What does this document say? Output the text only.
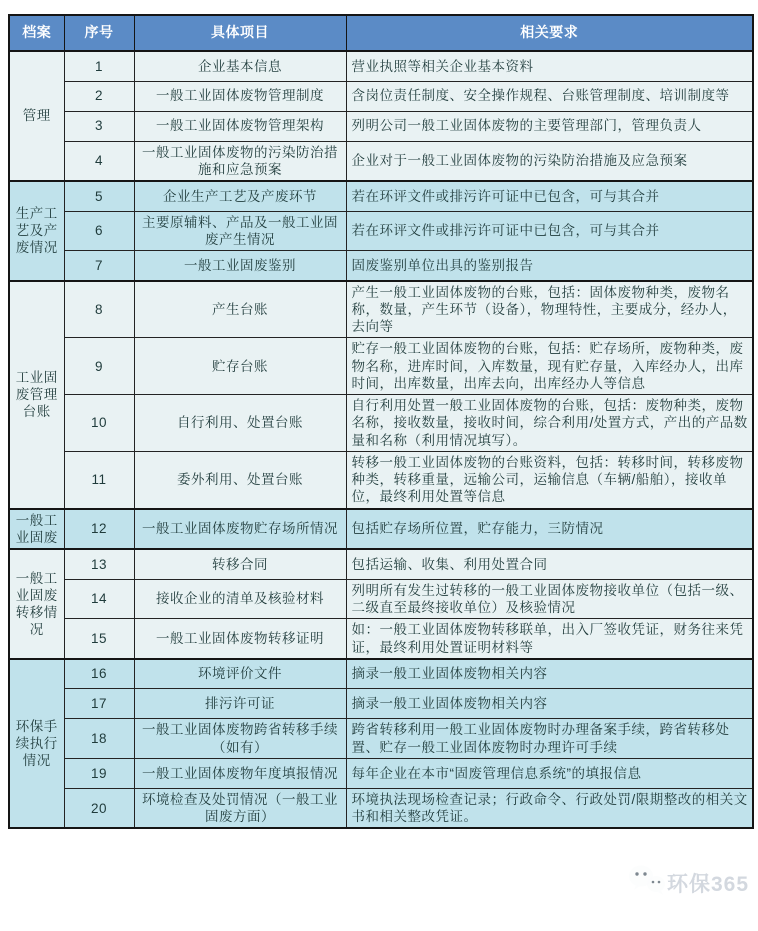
档案	序号	具体项目	相关要求
管理	1	企业基本信息	营业执照等相关企业基本资料
	2	一般工业固体废物管理制度	含岗位责任制度、安全操作规程、台账管理制度、培训制度等
	3	一般工业固体废物管理架构	列明公司一般工业固体废物的主要管理部门，管理负责人
	4	一般工业固体废物的污染防治措施和应急预案	企业对于一般工业固体废物的污染防治措施及应急预案
生产工艺及产废情况	5	企业生产工艺及产废环节	若在环评文件或排污许可证中已包含，可与其合并
	6	主要原辅料、产品及一般工业固废产生情况	若在环评文件或排污许可证中已包含，可与其合并
	7	一般工业固废鉴别	固废鉴别单位出具的鉴别报告
工业固废管理台账	8	产生台账	产生一般工业固体废物的台账，包括：固体废物种类，废物名称，数量，产生环节（设备），物理特性，主要成分，经办人，去向等
	9	贮存台账	贮存一般工业固体废物的台账，包括：贮存场所，废物种类，废物名称，进库时间，入库数量，现有贮存量，入库经办人，出库时间，出库数量，出库去向，出库经办人等信息
	10	自行利用、处置台账	自行利用处置一般工业固体废物的台账，包括：废物种类，废物名称，接收数量，接收时间，综合利用/处置方式，产出的产品数量和名称（利用情况填写）。
	11	委外利用、处置台账	转移一般工业固体废物的台账资料，包括：转移时间，转移废物种类，转移重量，远输公司，运输信息（车辆/船舶），接收单位，最终利用处置等信息
一般工业固废	12	一般工业固体废物贮存场所情况	包括贮存场所位置，贮存能力，三防情况
一般工业固废转移情况	13	转移合同	包括运输、收集、利用处置合同
	14	接收企业的清单及核验材料	列明所有发生过转移的一般工业固体废物接收单位（包括一级、二级直至最终接收单位）及核验情况
	15	一般工业固体废物转移证明	如：一般工业固体废物转移联单，出入厂签收凭证，财务往来凭证，最终利用处置证明材料等
环保手续执行情况	16	环境评价文件	摘录一般工业固体废物相关内容
	17	排污许可证	摘录一般工业固体废物相关内容
	18	一般工业固体废物跨省转移手续（如有）	跨省转移利用一般工业固体废物时办理备案手续，跨省转移处置、贮存一般工业固体废物时办理许可手续
	19	一般工业固体废物年度填报情况	每年企业在本市“固废管理信息系统”的填报信息
	20	环境检查及处罚情况（一般工业固废方面）	环境执法现场检查记录；行政命令、行政处罚/限期整改的相关文书和相关整改凭证。
环保365
